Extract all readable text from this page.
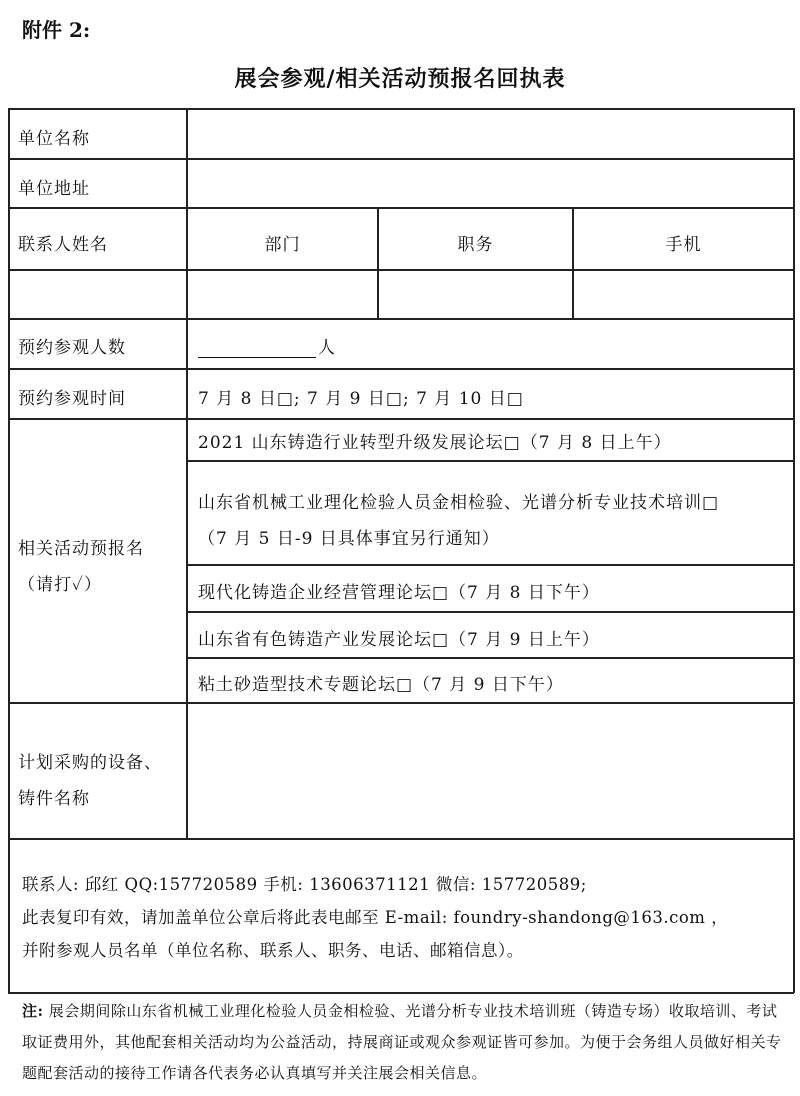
附件 2:
展会参观/相关活动预报名回执表
单位名称
单位地址
联系人姓名	部门	职务	手机
预约参观人数	人
预约参观时间	7 月 8 日□; 7 月 9 日□; 7 月 10 日□
相关活动预报名
（请打✓）
2021 山东铸造行业转型升级发展论坛□（7 月 8 日上午）
山东省机械工业理化检验人员金相检验、光谱分析专业技术培训□
（7 月 5 日-9 日具体事宜另行通知）
现代化铸造企业经营管理论坛□（7 月 8 日下午）
山东省有色铸造产业发展论坛□（7 月 9 日上午）
粘土砂造型技术专题论坛□（7 月 9 日下午）
计划采购的设备、
铸件名称
联系人: 邱红 QQ:157720589 手机: 13606371121 微信: 157720589;
此表复印有效，请加盖单位公章后将此表电邮至 E-mail: foundry-shandong@163.com ，
并附参观人员名单（单位名称、联系人、职务、电话、邮箱信息）。
注: 展会期间除山东省机械工业理化检验人员金相检验、光谱分析专业技术培训班（铸造专场）收取培训、考试取证费用外，其他配套相关活动均为公益活动，持展商证或观众参观证皆可参加。为便于会务组人员做好相关专题配套活动的接待工作请各代表务必认真填写并关注展会相关信息。
